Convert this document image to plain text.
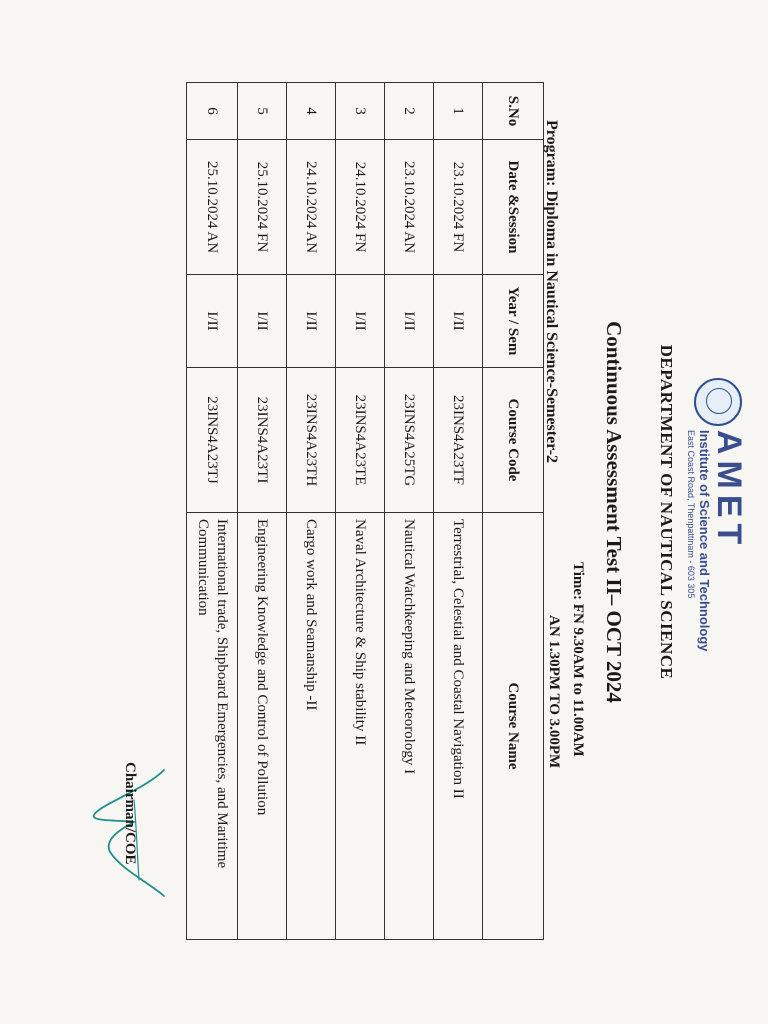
AMET
Institute of Science and Technology
East Coast Road, Thenpattinam - 603 305
DEPARTMENT OF NAUTICAL SCIENCE
Continuous Assessment Test II– OCT 2024
Time: FN 9.30AM to 11.00AM
AN 1.30PM TO 3.00PM
Program: Diploma in Nautical Science-Semester-2
S.No	Date &Session	Year / Sem	Course Code	Course Name
1	23.10.2024 FN	I/II	23INS4A23TF	Terrestrial, Celestial and Coastal Navigation II
2	23.10.2024 AN	I/II	23INS4A25TG	Nautical Watchkeeping and Meteorology I
3	24.10.2024 FN	I/II	23INS4A23TE	Naval Architecture & Ship stability II
4	24.10.2024 AN	I/II	23INS4A23TH	Cargo work and Seamanship -II
5	25.10.2024 FN	I/II	23INS4A23TI	Engineering Knowledge and Control of Pollution
6	25.10.2024 AN	I/II	23INS4A23TJ	International trade, Shipboard Emergencies, and Maritime Communication
Chairman/COE
